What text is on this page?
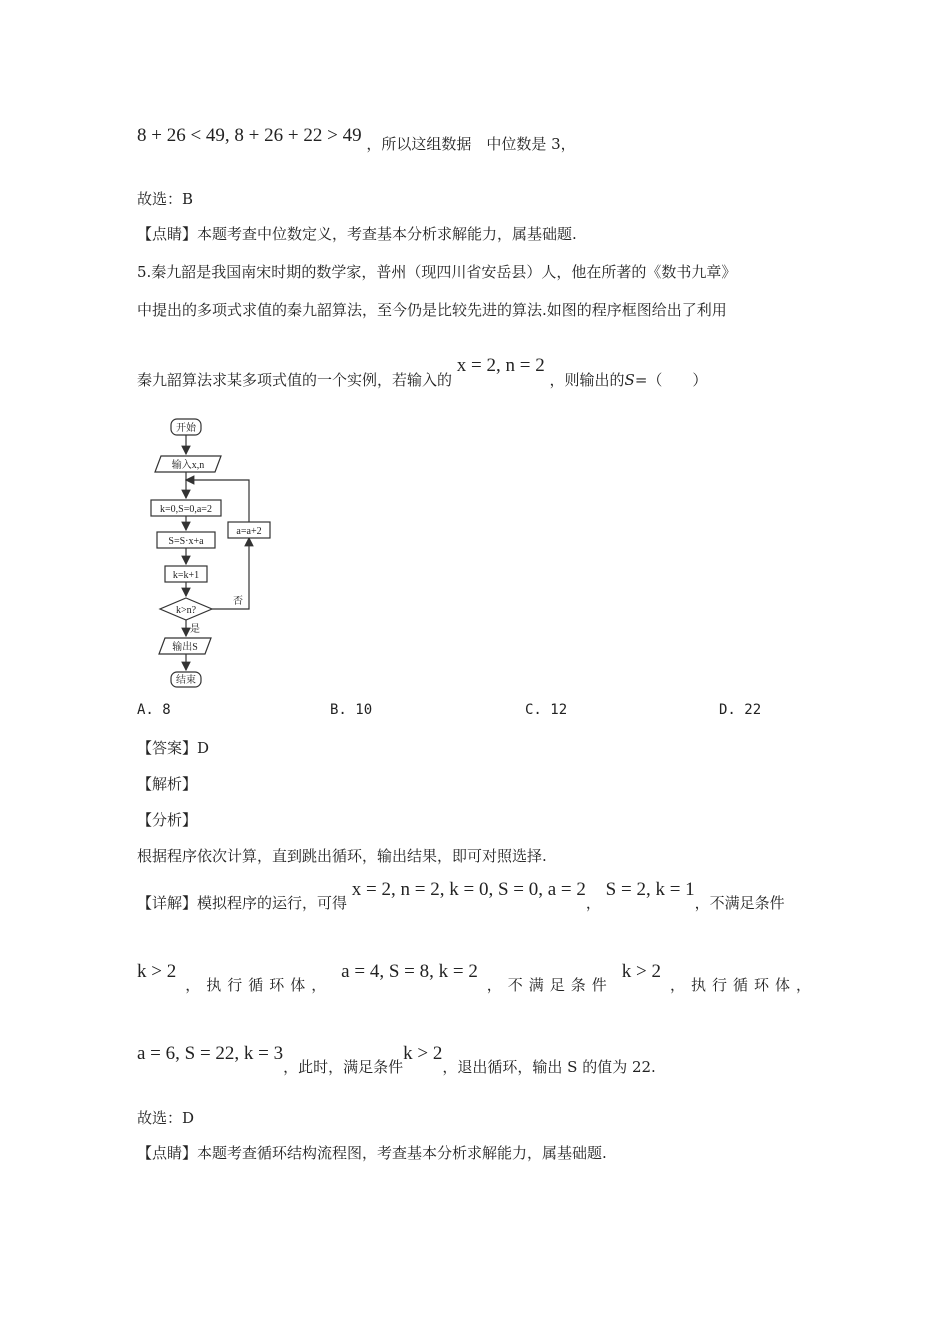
8 + 26 < 49, 8 + 26 + 22 > 49 ，所以这组数据　中位数是 3，
故选：B
【点睛】本题考查中位数定义，考查基本分析求解能力，属基础题.
5.秦九韶是我国南宋时期的数学家，普州（现四川省安岳县）人，他在所著的《数书九章》
中提出的多项式求值的秦九韶算法，至今仍是比较先进的算法.如图的程序框图给出了利用
秦九韶算法求某多项式值的一个实例，若输入的 x = 2, n = 2 ，则输出的S=（　　）
开始
输入x,n
k=0,S=0,a=2
S=S·x+a
k=k+1
k>n?
否
a=a+2
是
输出S
结束
A. 8	B. 10	C. 12	D. 22
【答案】D
【解析】
【分析】
根据程序依次计算，直到跳出循环，输出结果，即可对照选择.
【详解】模拟程序的运行，可得 x = 2, n = 2, k = 0, S = 0, a = 2， S = 2, k = 1，不满足条件
k > 2
，执行循环体，
a = 4, S = 8, k = 2
，不满足条件
k > 2
，执行循环体，
a = 6, S = 22, k = 3，此时，满足条件k > 2，退出循环，输出 S 的值为 22.
故选：D
【点睛】本题考查循环结构流程图，考查基本分析求解能力，属基础题.
